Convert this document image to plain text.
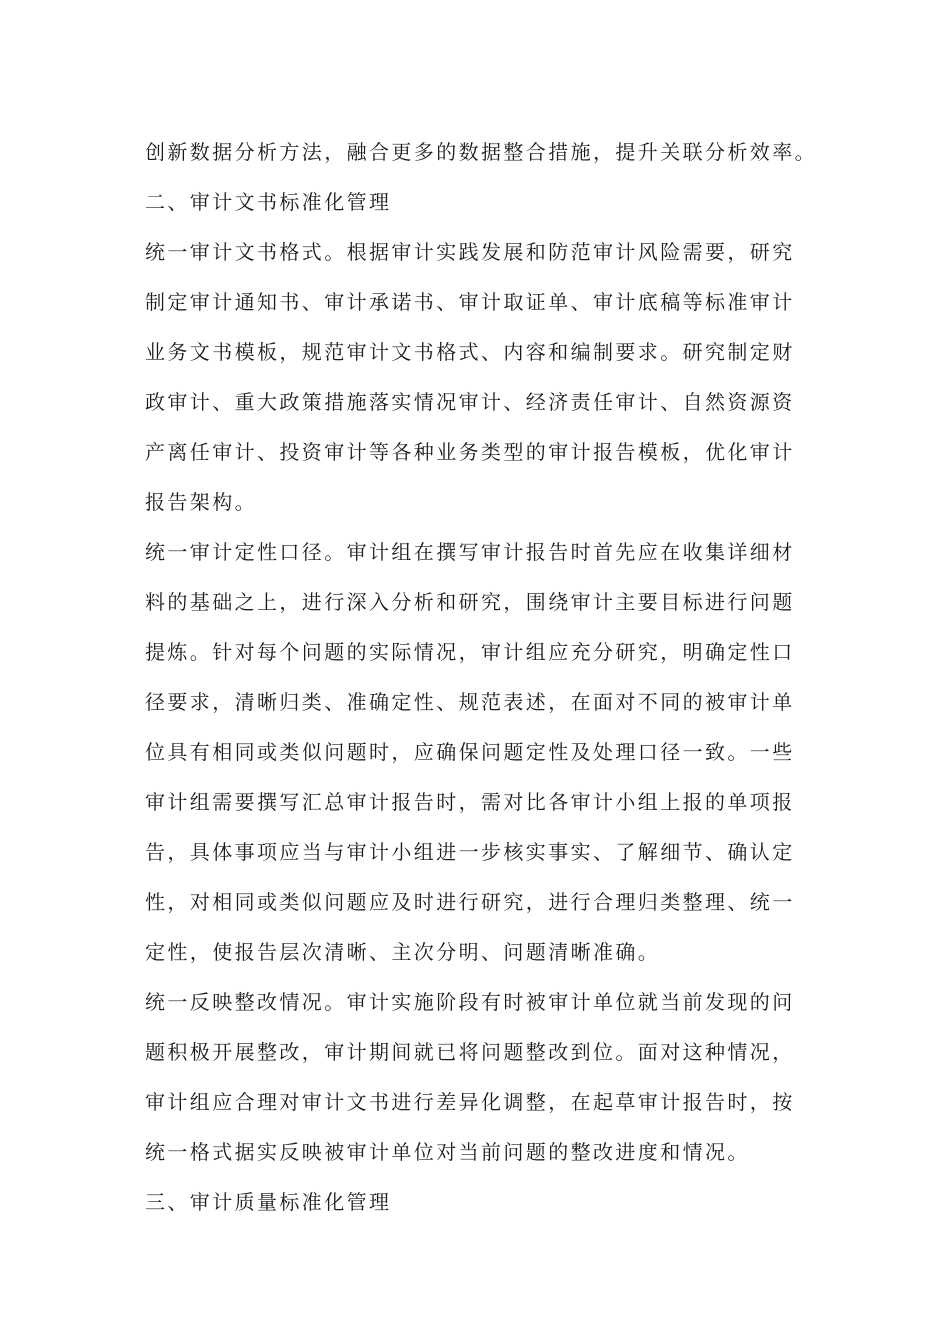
创新数据分析方法，融合更多的数据整合措施，提升关联分析效率。
二、审计文书标准化管理
统一审计文书格式。根据审计实践发展和防范审计风险需要，研究
制定审计通知书、审计承诺书、审计取证单、审计底稿等标准审计
业务文书模板，规范审计文书格式、内容和编制要求。研究制定财
政审计、重大政策措施落实情况审计、经济责任审计、自然资源资
产离任审计、投资审计等各种业务类型的审计报告模板，优化审计
报告架构。
统一审计定性口径。审计组在撰写审计报告时首先应在收集详细材
料的基础之上，进行深入分析和研究，围绕审计主要目标进行问题
提炼。针对每个问题的实际情况，审计组应充分研究，明确定性口
径要求，清晰归类、准确定性、规范表述，在面对不同的被审计单
位具有相同或类似问题时，应确保问题定性及处理口径一致。一些
审计组需要撰写汇总审计报告时，需对比各审计小组上报的单项报
告，具体事项应当与审计小组进一步核实事实、了解细节、确认定
性，对相同或类似问题应及时进行研究，进行合理归类整理、统一
定性，使报告层次清晰、主次分明、问题清晰准确。
统一反映整改情况。审计实施阶段有时被审计单位就当前发现的问
题积极开展整改，审计期间就已将问题整改到位。面对这种情况，
审计组应合理对审计文书进行差异化调整，在起草审计报告时，按
统一格式据实反映被审计单位对当前问题的整改进度和情况。
三、审计质量标准化管理
